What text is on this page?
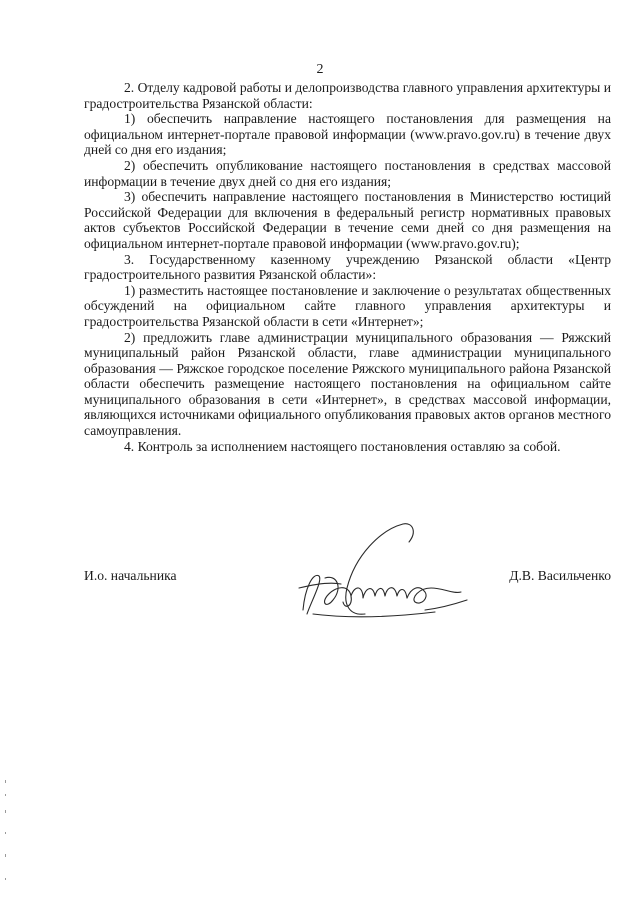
2

2. Отделу кадровой работы и делопроизводства главного управления архитектуры и градостроительства Рязанской области:

1) обеспечить направление настоящего постановления для размещения на официальном интернет-портале правовой информации (www.pravo.gov.ru) в течение двух дней со дня его издания;

2) обеспечить опубликование настоящего постановления в средствах массовой информации в течение двух дней со дня его издания;

3) обеспечить направление настоящего постановления в Министерство юстиций Российской Федерации для включения в федеральный регистр нормативных правовых актов субъектов Российской Федерации в течение семи дней со дня размещения на официальном интернет-портале правовой информации (www.pravo.gov.ru);

3. Государственному казенному учреждению Рязанской области «Центр градостроительного развития Рязанской области»:

1) разместить настоящее постановление и заключение о результатах общественных обсуждений на официальном сайте главного управления архитектуры и градостроительства Рязанской области в сети «Интернет»;

2) предложить главе администрации муниципального образования — Ряжский муниципальный район Рязанской области, главе администрации муниципального образования — Ряжское городское поселение Ряжского муниципального района Рязанской области обеспечить размещение настоящего постановления на официальном сайте муниципального образования в сети «Интернет», в средствах массовой информации, являющихся источниками официального опубликования правовых актов органов местного самоуправления.

4. Контроль за исполнением настоящего постановления оставляю за собой.

И.о. начальника	Д.В. Васильченко
